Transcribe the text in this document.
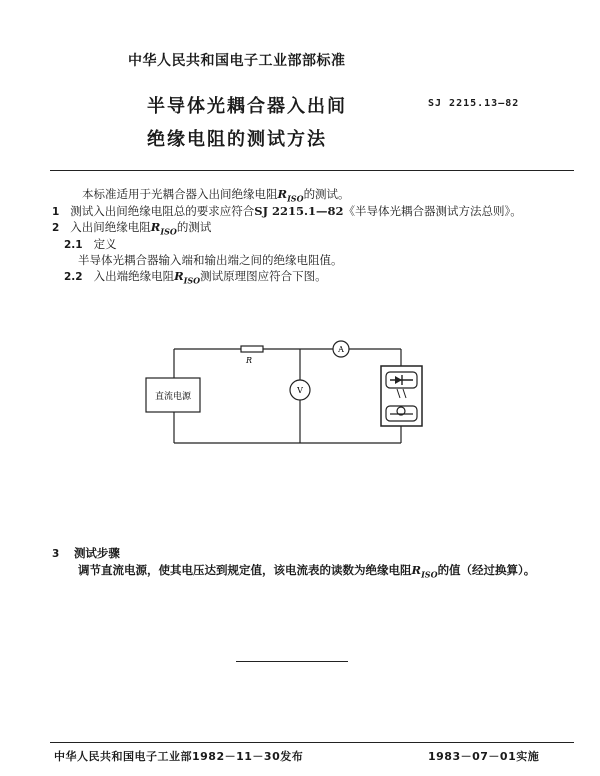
中华人民共和国电子工业部部标准
半导体光耦合器入出间
绝缘电阻的测试方法
SJ 2215.13—82
本标准适用于光耦合器入出间绝缘电阻$R_{ISO}$的测试。
1 测试入出间绝缘电阻总的要求应符合SJ 2215.1—82《半导体光耦合器测试方法总则》。
2 入出间绝缘电阻$R_{ISO}$的测试
2.1 定义
半导体光耦合器输入端和输出端之间的绝缘电阻值。
2.2 入出端绝缘电阻$R_{ISO}$测试原理图应符合下图。
直流电源
R
A
V
3 测试步骤
调节直流电源，使其电压达到规定值，该电流表的读数为绝缘电阻$R_{ISO}$的值（经过换算）。
中华人民共和国电子工业部1982－11－30发布	1983－07－01实施
